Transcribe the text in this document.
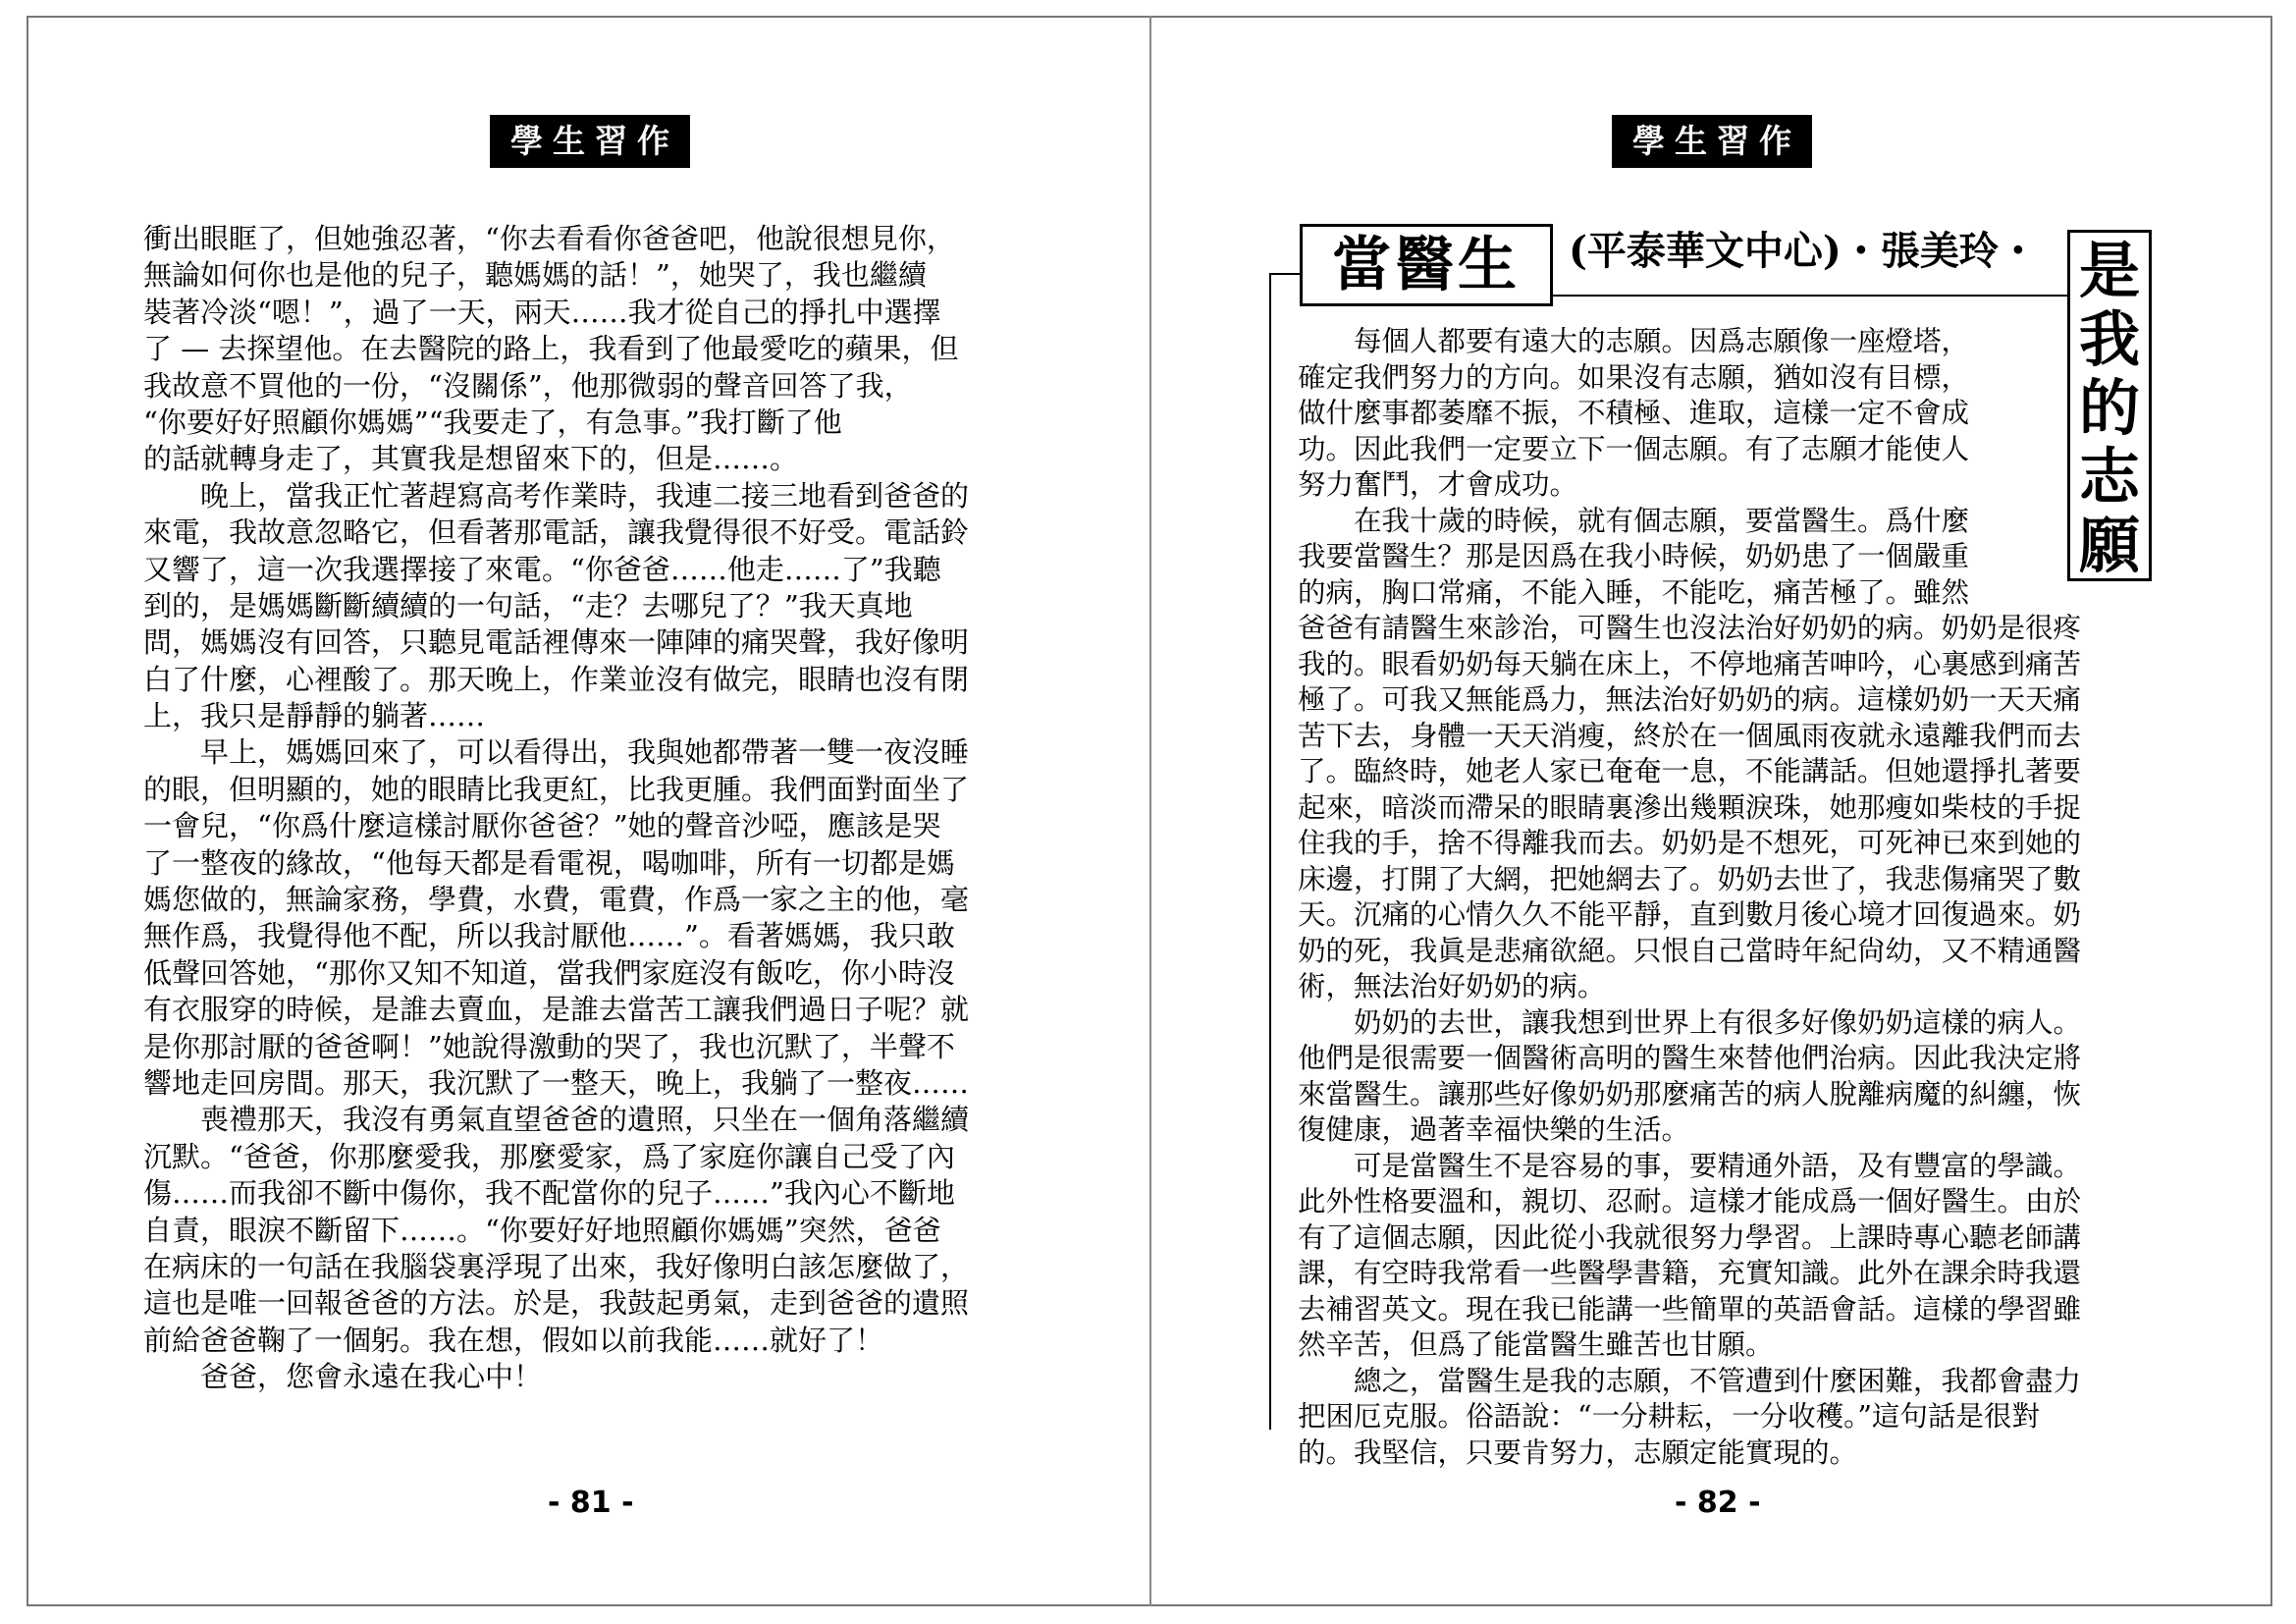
學生習作
衝出眼眶了，但她強忍著，“你去看看你爸爸吧，他說很想見你，
無論如何你也是他的兒子，聽媽媽的話！”，她哭了，我也繼續
裝著冷淡“嗯！”，過了一天，兩天……我才從自己的掙扎中選擇
了 — 去探望他。在去醫院的路上，我看到了他最愛吃的蘋果，但
我故意不買他的一份，“沒關係”，他那微弱的聲音回答了我，
“你要好好照顧你媽媽”“我要走了，有急事。”我打斷了他
的話就轉身走了，其實我是想留來下的，但是……。
　　晚上，當我正忙著趕寫高考作業時，我連二接三地看到爸爸的
來電，我故意忽略它，但看著那電話，讓我覺得很不好受。電話鈴
又響了，這一次我選擇接了來電。“你爸爸……他走……了”我聽
到的，是媽媽斷斷續續的一句話，“走？去哪兒了？”我天真地
問，媽媽沒有回答，只聽見電話裡傳來一陣陣的痛哭聲，我好像明
白了什麼，心裡酸了。那天晚上，作業並沒有做完，眼睛也沒有閉
上，我只是靜靜的躺著……
　　早上，媽媽回來了，可以看得出，我與她都帶著一雙一夜沒睡
的眼，但明顯的，她的眼睛比我更紅，比我更腫。我們面對面坐了
一會兒，“你爲什麼這樣討厭你爸爸？”她的聲音沙啞，應該是哭
了一整夜的緣故，“他每天都是看電視，喝咖啡，所有一切都是媽
媽您做的，無論家務，學費，水費，電費，作爲一家之主的他，毫
無作爲，我覺得他不配，所以我討厭他……”。看著媽媽，我只敢
低聲回答她，“那你又知不知道，當我們家庭沒有飯吃，你小時沒
有衣服穿的時候，是誰去賣血，是誰去當苦工讓我們過日子呢？就
是你那討厭的爸爸啊！”她說得激動的哭了，我也沉默了，半聲不
響地走回房間。那天，我沉默了一整天，晚上，我躺了一整夜……
　　喪禮那天，我沒有勇氣直望爸爸的遺照，只坐在一個角落繼續
沉默。“爸爸，你那麼愛我，那麼愛家，爲了家庭你讓自己受了內
傷……而我卻不斷中傷你，我不配當你的兒子……”我內心不斷地
自責，眼淚不斷留下……。“你要好好地照顧你媽媽”突然，爸爸
在病床的一句話在我腦袋裏浮現了出來，我好像明白該怎麼做了，
這也是唯一回報爸爸的方法。於是，我鼓起勇氣，走到爸爸的遺照
前給爸爸鞠了一個躬。我在想，假如以前我能……就好了！
　　爸爸，您會永遠在我心中！
- 81 -
學生習作
當醫生	(平泰華文中心)・張美玲・ 是
我
的
志
願
　　每個人都要有遠大的志願。因爲志願像一座燈塔，
確定我們努力的方向。如果沒有志願，猶如沒有目標，
做什麼事都萎靡不振，不積極、進取，這樣一定不會成
功。因此我們一定要立下一個志願。有了志願才能使人
努力奮鬥，才會成功。
　　在我十歲的時候，就有個志願，要當醫生。爲什麼
我要當醫生？那是因爲在我小時候，奶奶患了一個嚴重
的病，胸口常痛，不能入睡，不能吃，痛苦極了。雖然
爸爸有請醫生來診治，可醫生也沒法治好奶奶的病。奶奶是很疼
我的。眼看奶奶每天躺在床上，不停地痛苦呻吟，心裏感到痛苦
極了。可我又無能爲力，無法治好奶奶的病。這樣奶奶一天天痛
苦下去，身體一天天消瘦，終於在一個風雨夜就永遠離我們而去
了。臨終時，她老人家已奄奄一息，不能講話。但她還掙扎著要
起來，暗淡而滯呆的眼睛裏滲出幾顆淚珠，她那瘦如柴枝的手捉
住我的手，捨不得離我而去。奶奶是不想死，可死神已來到她的
床邊，打開了大網，把她網去了。奶奶去世了，我悲傷痛哭了數
天。沉痛的心情久久不能平靜，直到數月後心境才回復過來。奶
奶的死，我眞是悲痛欲絕。只恨自己當時年紀尙幼，又不精通醫
術，無法治好奶奶的病。
　　奶奶的去世，讓我想到世界上有很多好像奶奶這樣的病人。
他們是很需要一個醫術高明的醫生來替他們治病。因此我決定將
來當醫生。讓那些好像奶奶那麼痛苦的病人脫離病魔的糾纏，恢
復健康，過著幸福快樂的生活。
　　可是當醫生不是容易的事，要精通外語，及有豐富的學識。
此外性格要溫和，親切、忍耐。這樣才能成爲一個好醫生。由於
有了這個志願，因此從小我就很努力學習。上課時專心聽老師講
課，有空時我常看一些醫學書籍，充實知識。此外在課余時我還
去補習英文。現在我已能講一些簡單的英語會話。這樣的學習雖
然辛苦，但爲了能當醫生雖苦也甘願。
　　總之，當醫生是我的志願，不管遭到什麼困難，我都會盡力
把困厄克服。俗語說：“一分耕耘，一分收穫。”這句話是很對
的。我堅信，只要肯努力，志願定能實現的。
- 82 -
